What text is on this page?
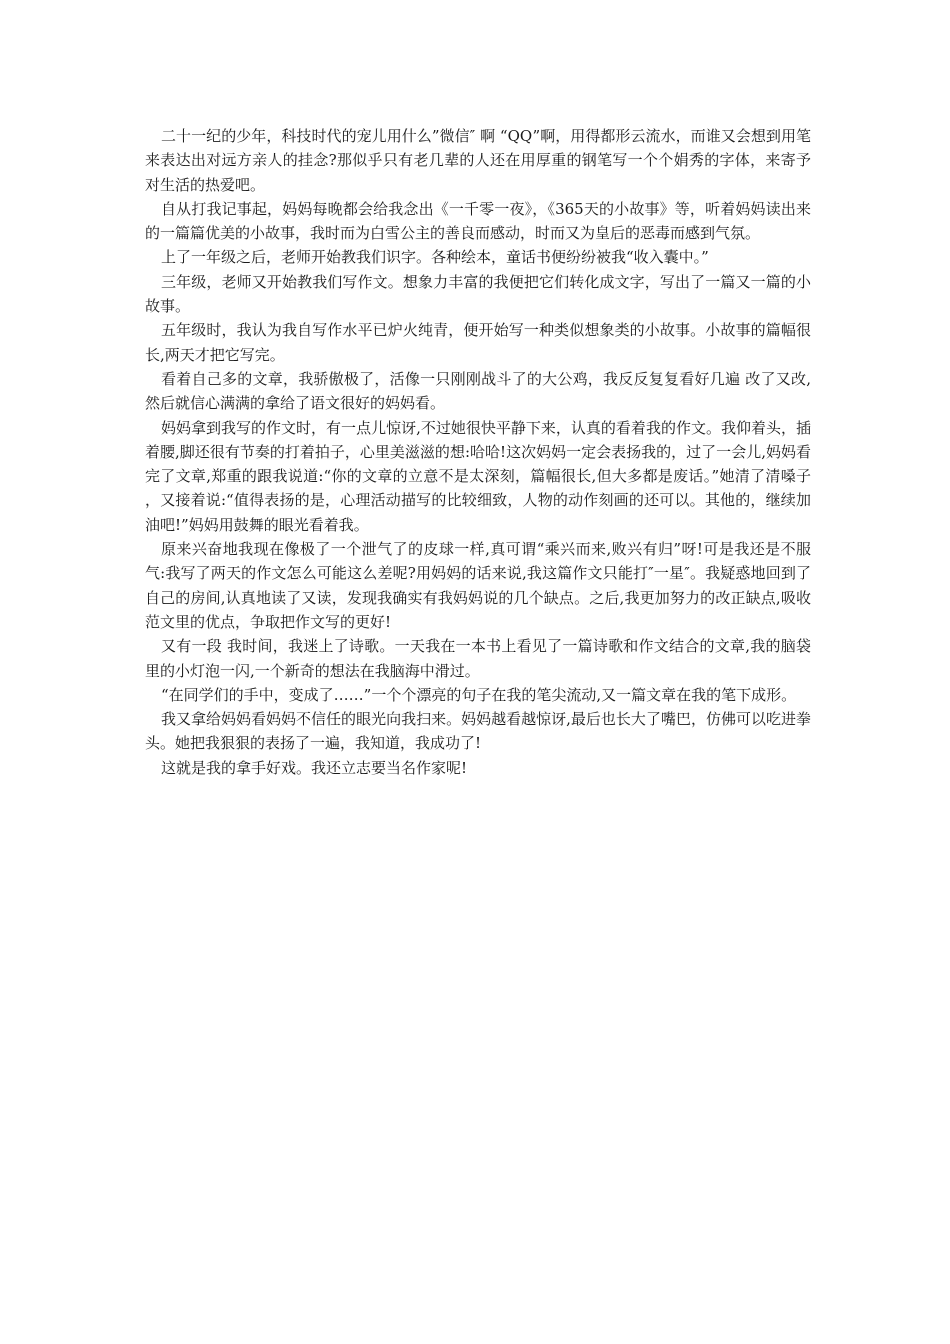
二十一纪的少年，科技时代的宠儿用什么”微信″ 啊 “QQ”啊，用得都形云流水，而谁又会想到用笔来表达出对远方亲人的挂念?那似乎只有老几辈的人还在用厚重的钢笔写一个个娟秀的字体，来寄予对生活的热爱吧。

自从打我记事起，妈妈每晚都会给我念出《一千零一夜》，《365天的小故事》等，听着妈妈读出来的一篇篇优美的小故事，我时而为白雪公主的善良而感动，时而又为皇后的恶毒而感到气氛。

上了一年级之后，老师开始教我们识字。各种绘本，童话书便纷纷被我“收入囊中。”

三年级，老师又开始教我们写作文。想象力丰富的我便把它们转化成文字，写出了一篇又一篇的小故事。

五年级时，我认为我自写作水平已炉火纯青，便开始写一种类似想象类的小故事。小故事的篇幅很长,两天才把它写完。

看着自己多的文章，我骄傲极了，活像一只刚刚战斗了的大公鸡，我反反复复看好几遍 改了又改,然后就信心满满的拿给了语文很好的妈妈看。

妈妈拿到我写的作文时，有一点儿惊讶,不过她很快平静下来，认真的看着我的作文。我仰着头，插着腰,脚还很有节奏的打着拍子，心里美滋滋的想:哈哈!这次妈妈一定会表扬我的，过了一会儿,妈妈看完了文章,郑重的跟我说道:“你的文章的立意不是太深刻，篇幅很长,但大多都是废话。”她清了清嗓子 ，又接着说:“值得表扬的是，心理活动描写的比较细致，人物的动作刻画的还可以。其他的，继续加油吧!”妈妈用鼓舞的眼光看着我。

原来兴奋地我现在像极了一个泄气了的皮球一样,真可谓“乘兴而来,败兴有归”呀!可是我还是不服气:我写了两天的作文怎么可能这么差呢?用妈妈的话来说,我这篇作文只能打″一星″。我疑惑地回到了自己的房间,认真地读了又读，发现我确实有我妈妈说的几个缺点。之后,我更加努力的改正缺点,吸收范文里的优点，争取把作文写的更好!

又有一段 我时间，我迷上了诗歌。一天我在一本书上看见了一篇诗歌和作文结合的文章,我的脑袋里的小灯泡一闪,一个新奇的想法在我脑海中滑过。

“在同学们的手中，变成了……”一个个漂亮的句子在我的笔尖流动,又一篇文章在我的笔下成形。

我又拿给妈妈看妈妈不信任的眼光向我扫来。妈妈越看越惊讶,最后也长大了嘴巴，仿佛可以吃进拳头。她把我狠狠的表扬了一遍，我知道，我成功了!

这就是我的拿手好戏。我还立志要当名作家呢!
